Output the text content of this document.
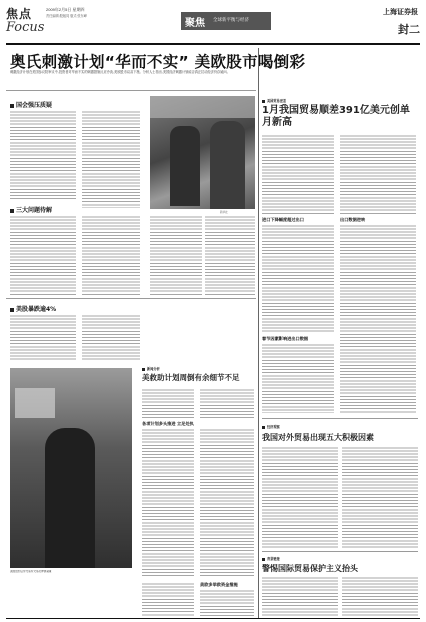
焦点
Focus
2009年2月5日 星期四
责任编辑:殷姬同 版式:张东峰
聚焦 全球新平衡与经济
上海证券报
封二
奥氏刺激计划“华而不实” 美欧股市喝倒彩
刺激经济计划在美国参议院审议中,投资者对华而不实的刺激措施反应冷淡,美欧股市双双下挫。分析人士指出,美国经济刺激计划能否真正拉动经济仍存疑问。
国会强压质疑
三大问题待解	新华社
美股暴跌逾4%
美国纽约证券交易所交易员神情凝重
新闻分析
美救助计划周倒有余细节不足
各项计划多头推进 立足处执
美欧多举救资金措施
美国贸易逆差
1月我国贸易顺差391亿美元创单月新高
进口下降幅度超过出口
春节因素影响进出口数据
出口数据逆转
经济观察
我国对外贸易出现五大积极因素
背景链接
警惕国际贸易保护主义抬头
